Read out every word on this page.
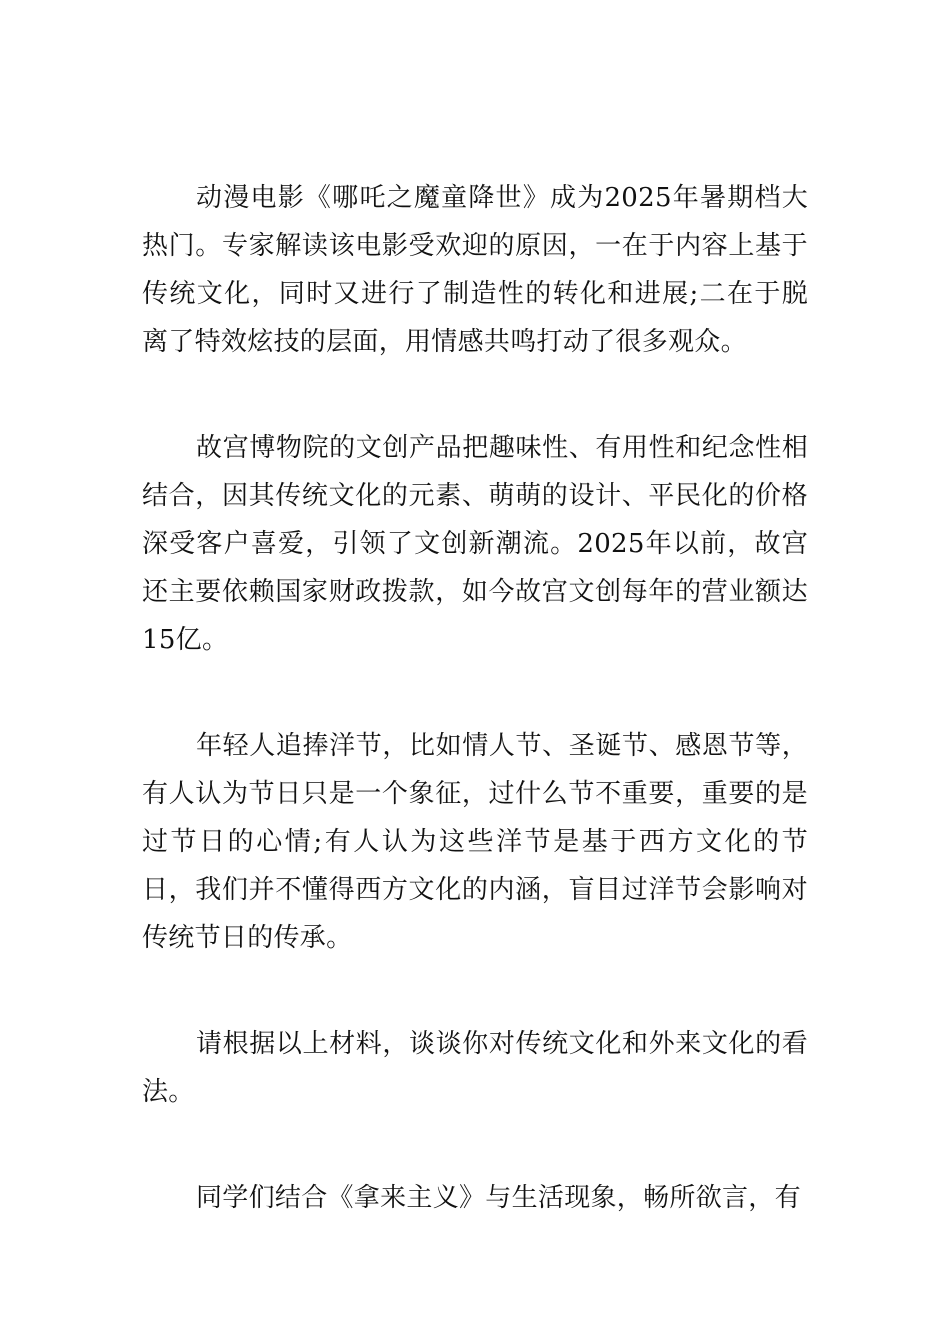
动漫电影《哪吒之魔童降世》成为2025年暑期档大热门。专家解读该电影受欢迎的原因，一在于内容上基于传统文化，同时又进行了制造性的转化和进展;二在于脱离了特效炫技的层面，用情感共鸣打动了很多观众。

故宫博物院的文创产品把趣味性、有用性和纪念性相结合，因其传统文化的元素、萌萌的设计、平民化的价格深受客户喜爱，引领了文创新潮流。2025年以前，故宫还主要依赖国家财政拨款，如今故宫文创每年的营业额达15亿。

年轻人追捧洋节，比如情人节、圣诞节、感恩节等，有人认为节日只是一个象征，过什么节不重要，重要的是过节日的心情;有人认为这些洋节是基于西方文化的节日，我们并不懂得西方文化的内涵，盲目过洋节会影响对传统节日的传承。

请根据以上材料，谈谈你对传统文化和外来文化的看法。

同学们结合《拿来主义》与生活现象，畅所欲言，有
